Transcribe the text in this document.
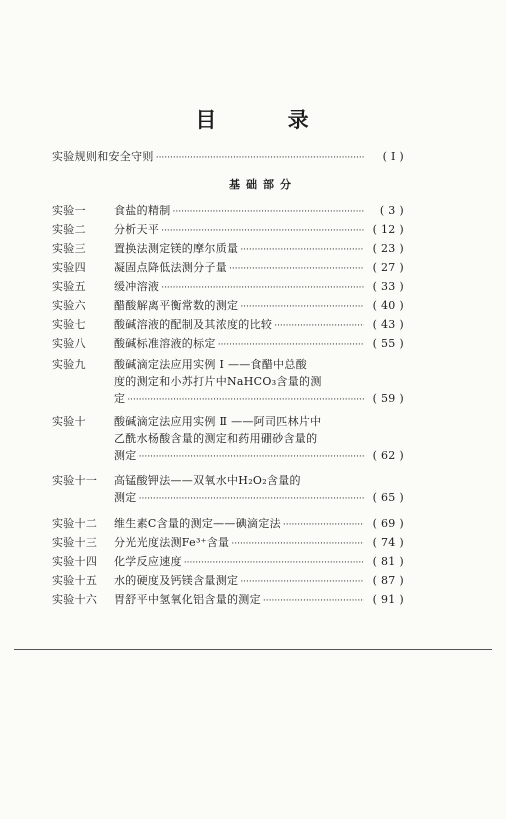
目 录
实验规则和安全守则 ·····	( Ⅰ )
基础部分
实验一	食盐的精制 ·····	( 3 )
实验二	分析天平 ·····	( 12 )
实验三	置换法测定镁的摩尔质量 ·····	( 23 )
实验四	凝固点降低法测分子量 ·····	( 27 )
实验五	缓冲溶液 ·····	( 33 )
实验六	醋酸解离平衡常数的测定 ·····	( 40 )
实验七	酸碱溶液的配制及其浓度的比较 ·····	( 43 )
实验八	酸碱标准溶液的标定 ·····	( 55 )
实验九	酸碱滴定法应用实例 Ⅰ ——食醋中总酸
度的测定和小苏打片中NaHCO₃含量的测
定 ·····	( 59 )
实验十	酸碱滴定法应用实例 Ⅱ ——阿司匹林片中
乙酰水杨酸含量的测定和药用硼砂含量的
测定 ·····	( 62 )
实验十一	高锰酸钾法——双氧水中H₂O₂含量的
测定 ·····	( 65 )
实验十二	维生素C含量的测定——碘滴定法 ·····	( 69 )
实验十三	分光光度法测Fe³⁺含量 ·····	( 74 )
实验十四	化学反应速度 ·····	( 81 )
实验十五	水的硬度及钙镁含量测定 ·····	( 87 )
实验十六	胃舒平中氢氧化铝含量的测定 ·····	( 91 )
